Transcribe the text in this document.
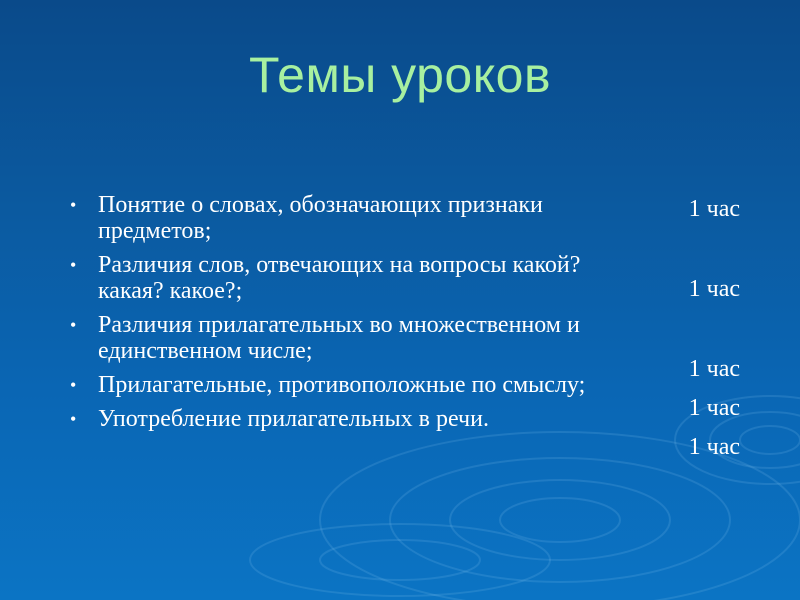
Темы уроков
• Понятие о словах, обозначающих признаки предметов;
• Различия слов, отвечающих на вопросы какой? какая? какое?;
• Различия прилагательных во множественном и единственном числе;
• Прилагательные, противоположные по смыслу;
• Употребление прилагательных в речи.
1 час
1 час
1 час
1 час
1 час
